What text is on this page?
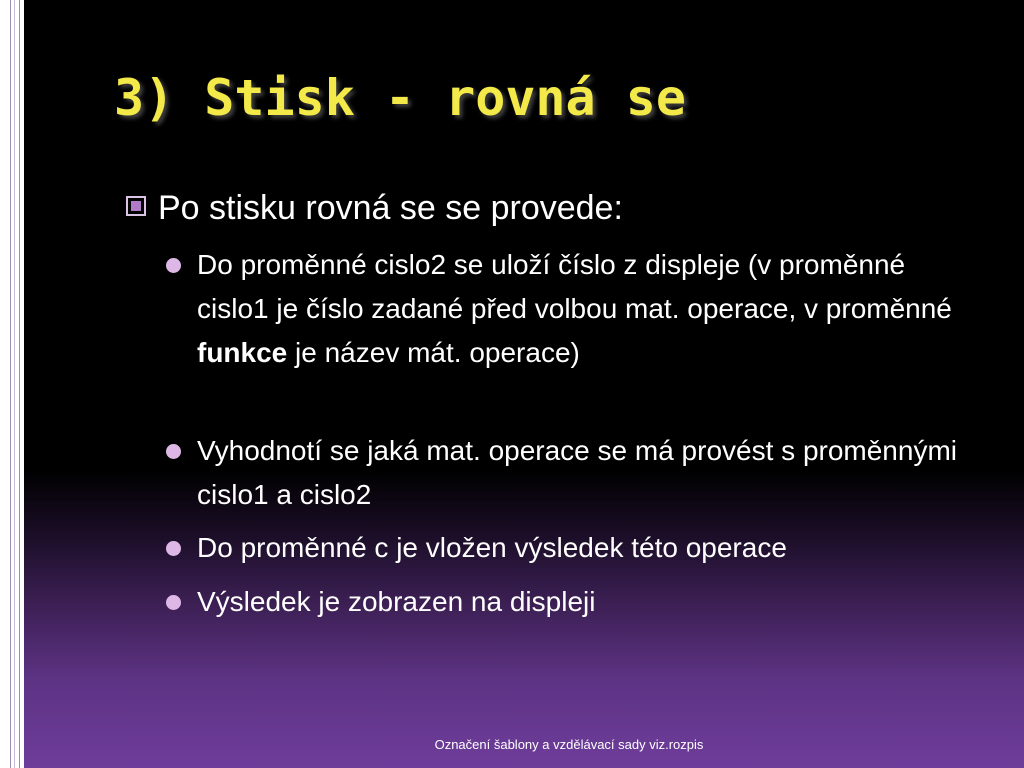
3) Stisk - rovná se
Po stisku rovná se se provede:
Do proměnné cislo2 se uloží číslo z displeje (v proměnné cislo1 je číslo zadané před volbou mat. operace, v proměnné funkce je název mát. operace)
Vyhodnotí se jaká mat. operace se má provést s proměnnými cislo1 a cislo2
Do proměnné c je vložen výsledek této operace
Výsledek je zobrazen na displeji
Označení šablony a vzdělávací sady viz.rozpis
